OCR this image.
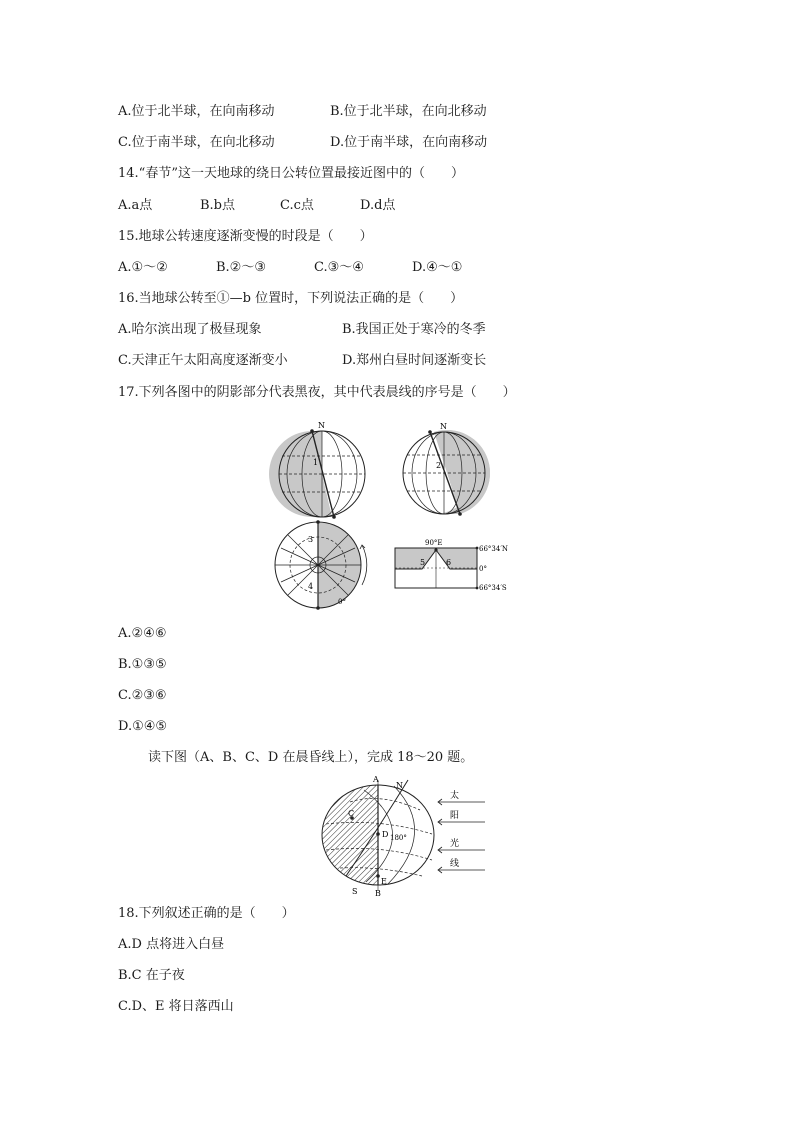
A.位于北半球，在向南移动	B.位于北半球，在向北移动
C.位于南半球，在向北移动	D.位于南半球，在向南移动
14.“春节”这一天地球的绕日公转位置最接近图中的（　　）
A.a点	B.b点	C.c点	D.d点
15.地球公转速度逐渐变慢的时段是（　　）
A.①～②	B.②～③	C.③～④	D.④～①
16.当地球公转至①—b 位置时，下列说法正确的是（　　）
A.哈尔滨出现了极昼现象	B.我国正处于寒冷的冬季
C.天津正午太阳高度逐渐变小	D.郑州白昼时间逐渐变长
17.下列各图中的阴影部分代表黑夜，其中代表晨线的序号是（　　）
N
1
N
2
3
4
0°
90°E
66°34′N
0°
66°34′S
5	6
A.②④⑥
B.①③⑤
C.②③⑥
D.①④⑤
读下图（A、B、C、D 在晨昏线上），完成 18～20 题。
A
N
C
D 180°
S
E
B
太
阳
光
线
18.下列叙述正确的是（　　）
A.D 点将进入白昼
B.C 在子夜
C.D、E 将日落西山
